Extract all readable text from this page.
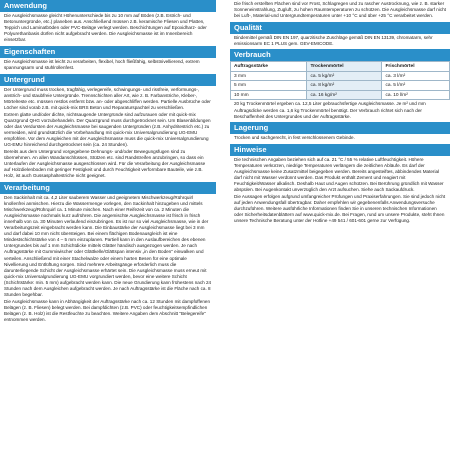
Anwendung

Die Ausgleichsmasse gleicht Höhenunterschiede bis zu 10 mm auf Böden (z.B. Estrich- und Betonuntergründe, etc.) planeben aus. Anschließend müssen z.B. keramische Fliesen und Platten, Teppich und Laminatböden oder PVC-Beläge verlegt werden. Beschichtungen auf Epoxidharz- oder Polyurethanbasis dürfen nicht aufgebracht werden. Die Ausgleichsmasse ist im Innenbereich einsetzbar.

Eigenschaften

Die Ausgleichsmasse ist leicht zu verarbeiten, flexibel, hoch fließfähig, selbstnivellierend, extrem spannungsarm und stuhlrollenfest.

Untergrund

Der Untergrund muss trocken, tragfähig, verlegereife, schwingungs- und rissfreie, verformungs-, anstrich- und staubfreie Untergründe. Trennschichten aller Art, wie z. B. Farbanstriche, Kleber-, Mörtelreste etc. müssen restlos entfernt bzw. an- oder abgeschliffen werden. Partielle Ausbrüche oder Löcher sind vorab z.B. mit quick-mix BRS Beton und Reparaturspachtel zu verschließen.

Extrem glatte und/oder dichte, nichtsaugende Untergründe sind aufzurauen oder mit quick-mix Quarzgrund QHG vorzubehandeln. Der Quarzgrund muss durchgetrocknet sein. Um Blasenbildungen oder das Verdursten der Ausgleichsmasse bei saugenden Untergründen (z.B. Anhydritestrich etc.) zu vermeiden, wird grundsätzlich die Vorbehandlung mit quick-mix Universalgrundierung UG-EMU empfohlen. Vor dem Ausgleichen mit der Ausgleichsmasse muss die quick-mix Universalgrundierung UG-EMU hinreichend durchgetrocknet sein (ca. 24 Stunden).

Bereits aus dem Untergrund vorgegebene Dehnungs- und/oder Bewegungsfugen sind zu übernehmen. An allen Wandanschlüssen, Stützen etc. sind Randstreifen anzubringen, so dass ein Unterlaufen der Ausgleichsmasse ausgeschlossen wird. Für die Verarbeitung der Ausgleichsmasse auf Holzdielenboden mit geringer Festigkeit und durch Feuchtigkeit verformbare Bauteile, wie z.B. Holz, ist auch Gussasphaltestriche nicht geeignet.

Verarbeitung

Den Sackinhalt mit ca. 4,2 Liter sauberem Wasser und geeignetem Mischwerkzeug/Rührquirl knollenfrei anmischen. Hierzu die Wassermenge vorlegen, den Sackinhalt hinzugeben und mittels Mischwerkzeug/Rührquirl ca. 1 Minute mischen. Nach einer Reifezeit von ca. 2 Minuten die Ausgleichsmasse nochmals kurz aufrühren. Die angemischte Ausgleichsmasse ist frisch in frisch innerhalb von ca. 30 Minuten verlaufend einzubringen. Es ist nur so viel Ausgleichsmasse, wie in der Verarbeitungszeit eingebracht werden kann. Die Einbaustärke der Ausgleichsmasse liegt bei 3 mm und darf dabei 10 mm nicht übersteigen. Bei einem flächigen Bodenausgleich ist eine Mindestschichtstärke von 4 – 5 mm einzuplanen. Partiell kann in den Auslaufbereichen des ebenen Untergrundes bis auf 1 mm Schichtdicke mittels Glätter händisch ausgezogen werden. Je nach Auftragsstärke mit Gummiwischer oder Glättkelle/Glättspan intensiv „in den Boden" einwalken und verteilen. Anschließend mit einer Stachelwalze oder einem harten Besen für eine optimale Nivellierung und Entlüftung sorgen. Sind mehrere Arbeitsgänge erforderlich muss die darunterliegende Schicht der Ausgleichsmasse erhärtet sein. Die Ausgleichsmasse muss erneut mit quick-mix Universalgrundierung UG-EMU vorgrundiert werden, bevor eine weitere Schicht (Schichtstärke: min. 5 mm) aufgebracht werden kann. Die neue Grundierung kann frühestens nach 24 Stunden nach dem Ausgleichen aufgebracht werden. Je nach Auftragsstärke ist die Fläche nach ca. 8 Stunden begehbar.

Die Ausgleichsmasse kann in Abhängigkeit der Auftragsstärke nach ca. 12 Stunden mit dampfoffenen Belägen (z. B. Fliesen) belegt werden. Bei dampfdichten (z.B. PVC) oder feuchtigkeitsempfindlichen Belägen (z. B. Holz) ist die Restfeuchte zu beachten. Weitere Angaben dem Abschnitt "Belegereife" entnommen werden.

Die frisch erstellten Flächen sind vor Frost, Schlagregen und zu rascher Austrocknung, wie z. B. starker Sonneneinstrahlung, Zugluft, zu hohen Raumtemperaturen zu schützen. Die Ausgleichsmasse darf nicht bei Luft-, Material-und Untergrundtemperaturen unter +10 °C und über +25 °C verarbeitet werden.

Qualität

Bindemittel gemäß DIN EN 197, quarzitische Zuschläge gemäß DIN EN 13139, chromatarm, sehr emissionsarm EC 1 PLUS gem. GEV-EMICODE.

Verbrauch
Auftragsstärke	Trockenmörtel	Frischmörtel
3 mm	ca. 5 kg/m²	ca. 3 l/m²
5 mm	ca. 8 kg/m²	ca. 5 l/m²
10 mm	ca. 16 kg/m²	ca. 10 l/m²

20 kg Trockenmörtel ergeben ca. 12,5 Liter gebrauchsfertige Ausgleichsmasse. Je m² und mm Auftragsdicke werden ca. 1,6 kg Trockenmörtel benötigt. Der Verbrauch richtet sich nach der Beschaffenheit des Untergrundes und der Auftragsstärke.

Lagerung

Trocken und sachgerecht, in fest verschlossenem Gebinde.

Hinweise

Die technischen Angaben beziehen sich auf ca. 21 °C / 55 % relative Luftfeuchtigkeit. Höhere Temperaturen verkürzen, niedrige Temperaturen verlängern die zeitlichen Abläufe. Es darf der Ausgleichsmasse keine Zusatzmittel beigegeben werden. Bereits angesteiftes, abbindendes Material darf nicht mit Wasser verdünnt werden. Das Produkt enthält Zement und reagiert mit Feuchtigkeit/Wasser alkalisch. Deshalb Haut und Augen schützen. Bei Berührung gründlich mit Wasser abspülen. Bei Augenkontakt unverzüglich den Arzt aufsuchen. Siehe auch Sackaufdruck.

Die Aussagen erfolgen aufgrund umfangreicher Prüfungen und Praxiserfahrungen. Sie sind jedoch nicht auf jeden Anwendungsfall übertragbar. Daher empfehlen wir gegebenenfalls Anwendungsversuche durchzuführen. Weitere ausführliche Informationen finden Sie in unseren technischen Informationen oder Sicherheitsdatenblättern auf www.quick-mix.de. Bei Fragen, rund um unsere Produkte, steht Ihnen unsere Technische Beratung unter der Hotline +49 541 / 601-601 gerne zur Verfügung.
